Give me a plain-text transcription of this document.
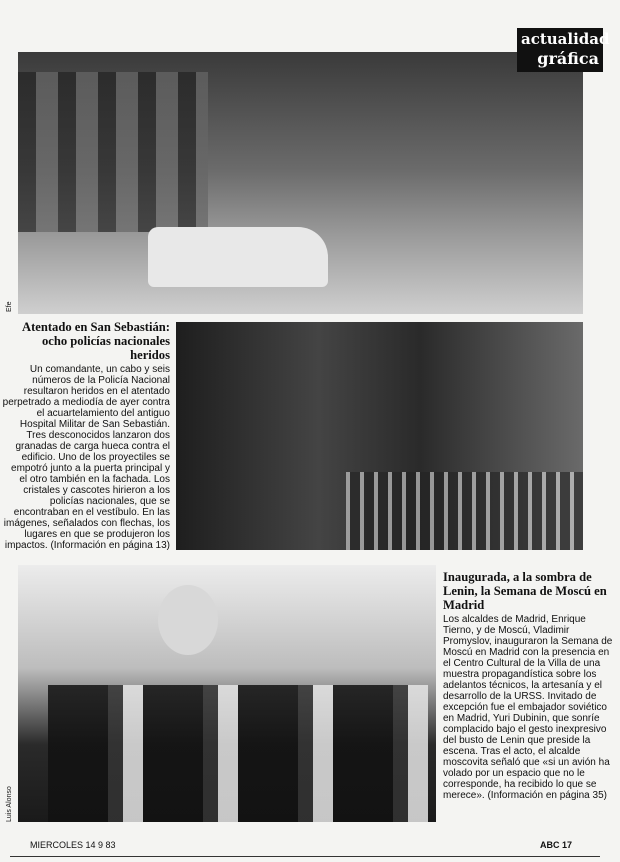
actualidad
gráfica
Efe
Atentado en San Sebastián: ocho policías nacionales heridos
Un comandante, un cabo y seis números de la Policía Nacional resultaron heridos en el atentado perpetrado a mediodía de ayer contra el acuartelamiento del antiguo Hospital Militar de San Sebastián. Tres desconocidos lanzaron dos granadas de carga hueca contra el edificio. Uno de los proyectiles se empotró junto a la puerta principal y el otro también en la fachada. Los cristales y cascotes hirieron a los policías nacionales, que se encontraban en el vestíbulo. En las imágenes, señalados con flechas, los lugares en que se produjeron los impactos. (Información en página 13)
Luis Alonso
Inaugurada, a la sombra de Lenin, la Semana de Moscú en Madrid
Los alcaldes de Madrid, Enrique Tierno, y de Moscú, Vladimir Promyslov, inauguraron la Semana de Moscú en Madrid con la presencia en el Centro Cultural de la Villa de una muestra propagandística sobre los adelantos técnicos, la artesanía y el desarrollo de la URSS. Invitado de excepción fue el embajador soviético en Madrid, Yuri Dubinin, que sonríe complacido bajo el gesto inexpresivo del busto de Lenin que preside la escena. Tras el acto, el alcalde moscovita señaló que «si un avión ha volado por un espacio que no le corresponde, ha recibido lo que se merece». (Información en página 35)
MIERCOLES 14 9 83	ABC 17
